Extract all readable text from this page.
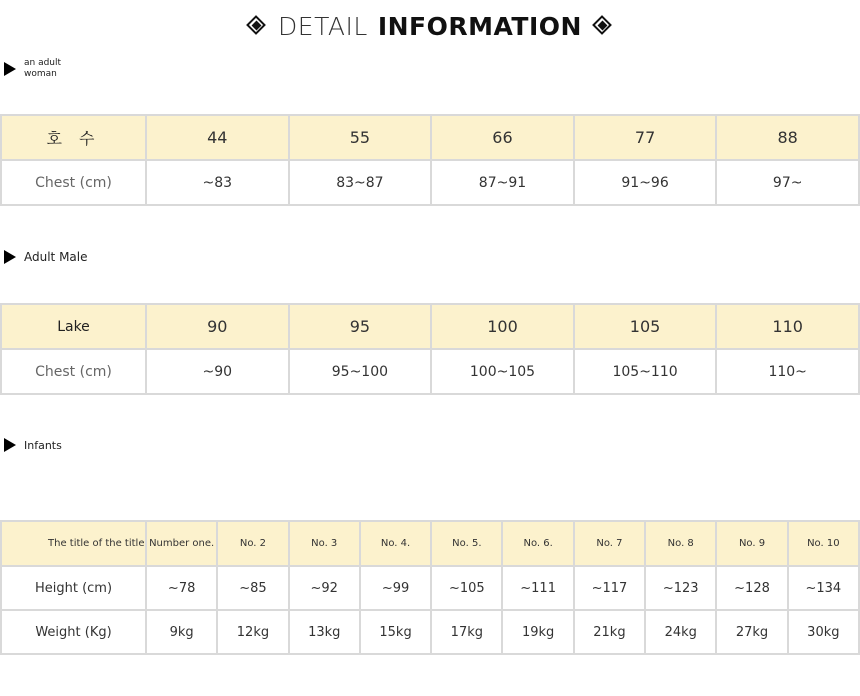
DETAIL INFORMATION
an adult woman
호 수	44	55	66	77	88
Chest (cm)	~83	83~87	87~91	91~96	97~
Adult Male
Lake	90	95	100	105	110
Chest (cm)	~90	95~100	100~105	105~110	110~
Infants
The title of the title	Number one.	No. 2	No. 3	No. 4.	No. 5.	No. 6.	No. 7	No. 8	No. 9	No. 10
Height (cm)	~78	~85	~92	~99	~105	~111	~117	~123	~128	~134
Weight (Kg)	9kg	12kg	13kg	15kg	17kg	19kg	21kg	24kg	27kg	30kg
